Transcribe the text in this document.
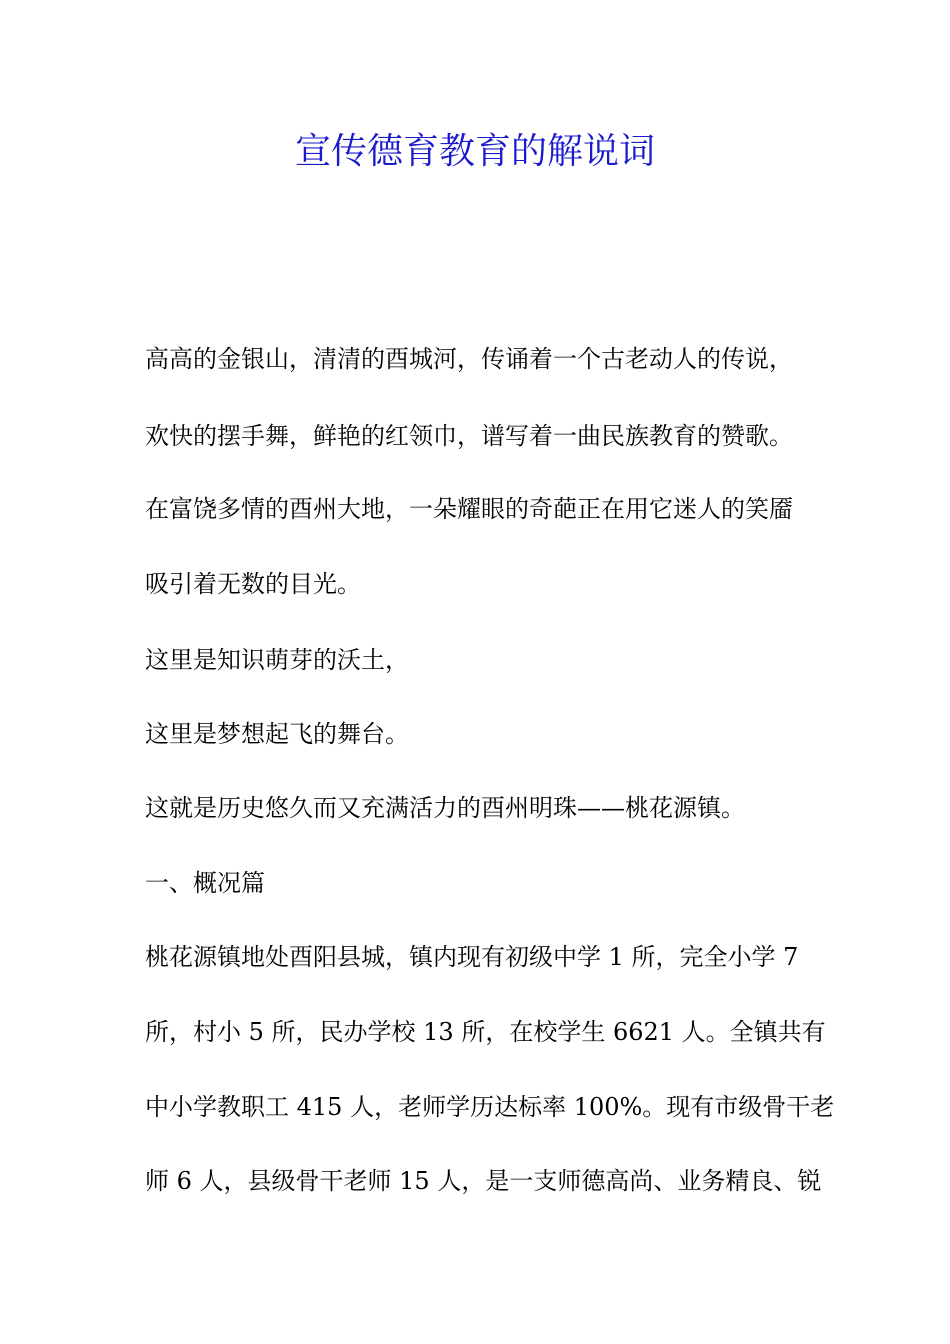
宣传德育教育的解说词
高高的金银山，清清的酉城河，传诵着一个古老动人的传说，
欢快的摆手舞，鲜艳的红领巾，谱写着一曲民族教育的赞歌。
在富饶多情的酉州大地，一朵耀眼的奇葩正在用它迷人的笑靥
吸引着无数的目光。
这里是知识萌芽的沃土，
这里是梦想起飞的舞台。
这就是历史悠久而又充满活力的酉州明珠——桃花源镇。
一、概况篇
桃花源镇地处酉阳县城，镇内现有初级中学 1 所，完全小学 7
所，村小 5 所，民办学校 13 所，在校学生 6621 人。全镇共有
中小学教职工 415 人，老师学历达标率 100%。现有市级骨干老
师 6 人，县级骨干老师 15 人，是一支师德高尚、业务精良、锐
